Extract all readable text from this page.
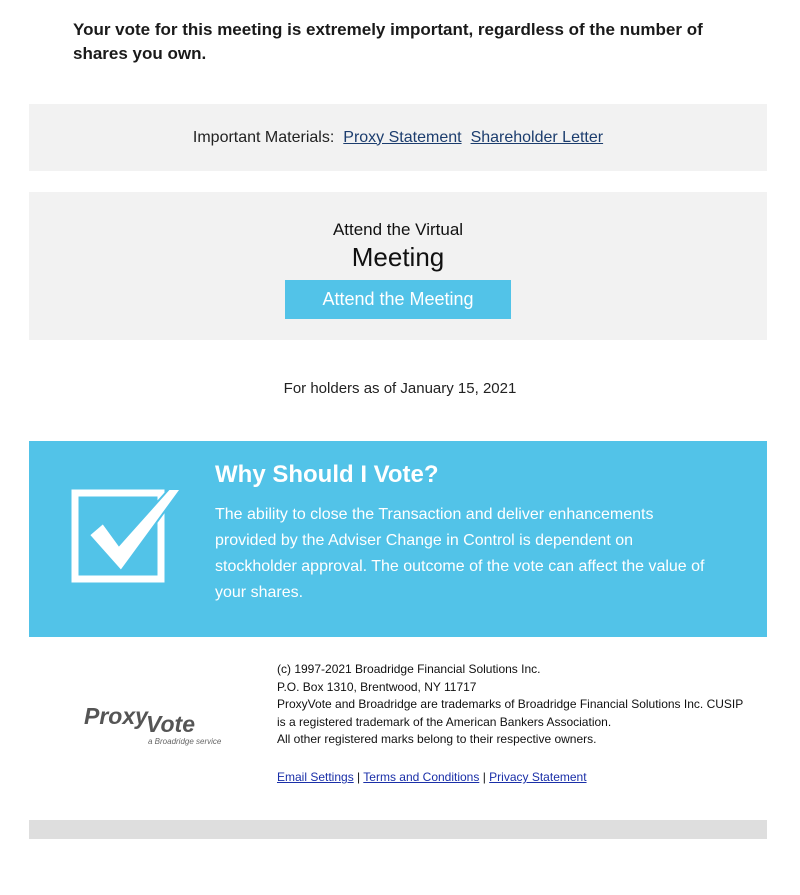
Your vote for this meeting is extremely important, regardless of the number of shares you own.
Important Materials: Proxy Statement Shareholder Letter
Attend the Virtual
Meeting
Attend the Meeting
For holders as of January 15, 2021
Why Should I Vote?
The ability to close the Transaction and deliver enhancements provided by the Adviser Change in Control is dependent on stockholder approval. The outcome of the vote can affect the value of your shares.
Proxy
Vote
a Broadridge service
(c) 1997-2021 Broadridge Financial Solutions Inc.
P.O. Box 1310, Brentwood, NY 11717
ProxyVote and Broadridge are trademarks of Broadridge Financial Solutions Inc. CUSIP is a registered trademark of the American Bankers Association.
All other registered marks belong to their respective owners.
Email Settings | Terms and Conditions | Privacy Statement
